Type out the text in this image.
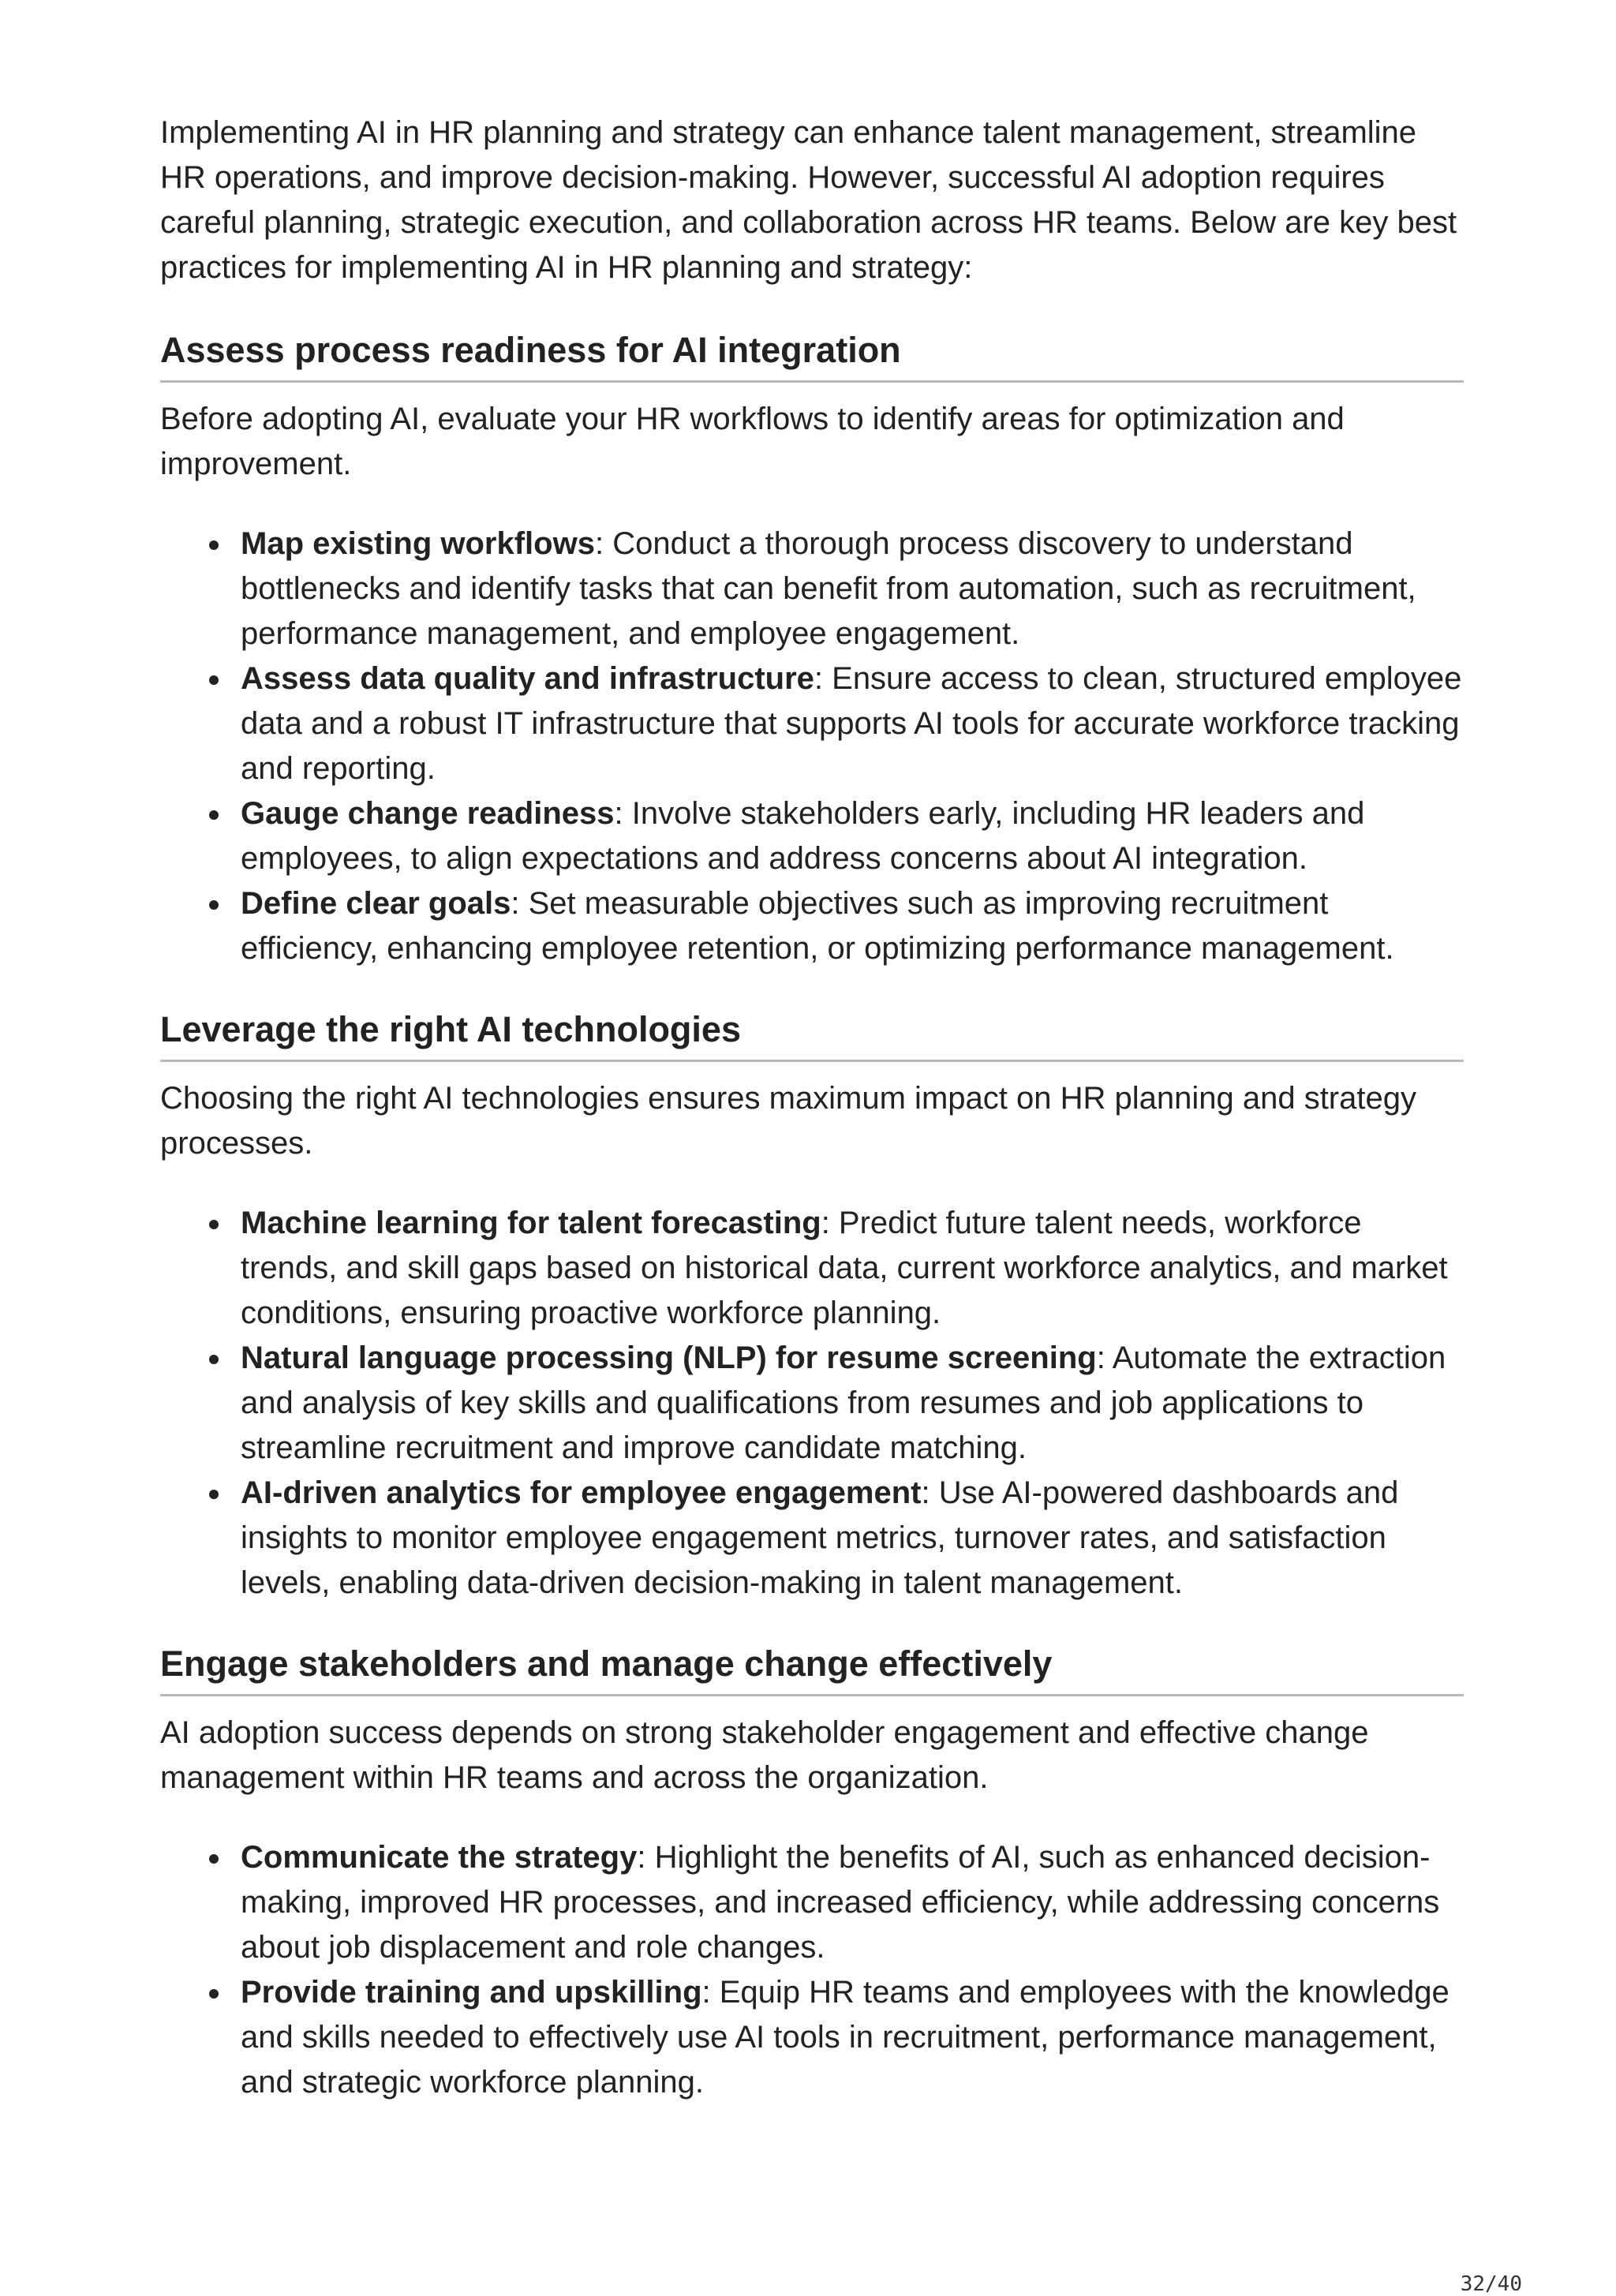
Implementing AI in HR planning and strategy can enhance talent management, streamline HR operations, and improve decision-making. However, successful AI adoption requires careful planning, strategic execution, and collaboration across HR teams. Below are key best practices for implementing AI in HR planning and strategy:

Assess process readiness for AI integration

Before adopting AI, evaluate your HR workflows to identify areas for optimization and improvement.

Map existing workflows: Conduct a thorough process discovery to understand bottlenecks and identify tasks that can benefit from automation, such as recruitment, performance management, and employee engagement.
Assess data quality and infrastructure: Ensure access to clean, structured employee data and a robust IT infrastructure that supports AI tools for accurate workforce tracking and reporting.
Gauge change readiness: Involve stakeholders early, including HR leaders and employees, to align expectations and address concerns about AI integration.
Define clear goals: Set measurable objectives such as improving recruitment efficiency, enhancing employee retention, or optimizing performance management.
Leverage the right AI technologies

Choosing the right AI technologies ensures maximum impact on HR planning and strategy processes.

Machine learning for talent forecasting: Predict future talent needs, workforce trends, and skill gaps based on historical data, current workforce analytics, and market conditions, ensuring proactive workforce planning.
Natural language processing (NLP) for resume screening: Automate the extraction and analysis of key skills and qualifications from resumes and job applications to streamline recruitment and improve candidate matching.
AI-driven analytics for employee engagement: Use AI-powered dashboards and insights to monitor employee engagement metrics, turnover rates, and satisfaction levels, enabling data-driven decision-making in talent management.
Engage stakeholders and manage change effectively

AI adoption success depends on strong stakeholder engagement and effective change management within HR teams and across the organization.

Communicate the strategy: Highlight the benefits of AI, such as enhanced decision-making, improved HR processes, and increased efficiency, while addressing concerns about job displacement and role changes.
Provide training and upskilling: Equip HR teams and employees with the knowledge and skills needed to effectively use AI tools in recruitment, performance management, and strategic workforce planning.
32/40
